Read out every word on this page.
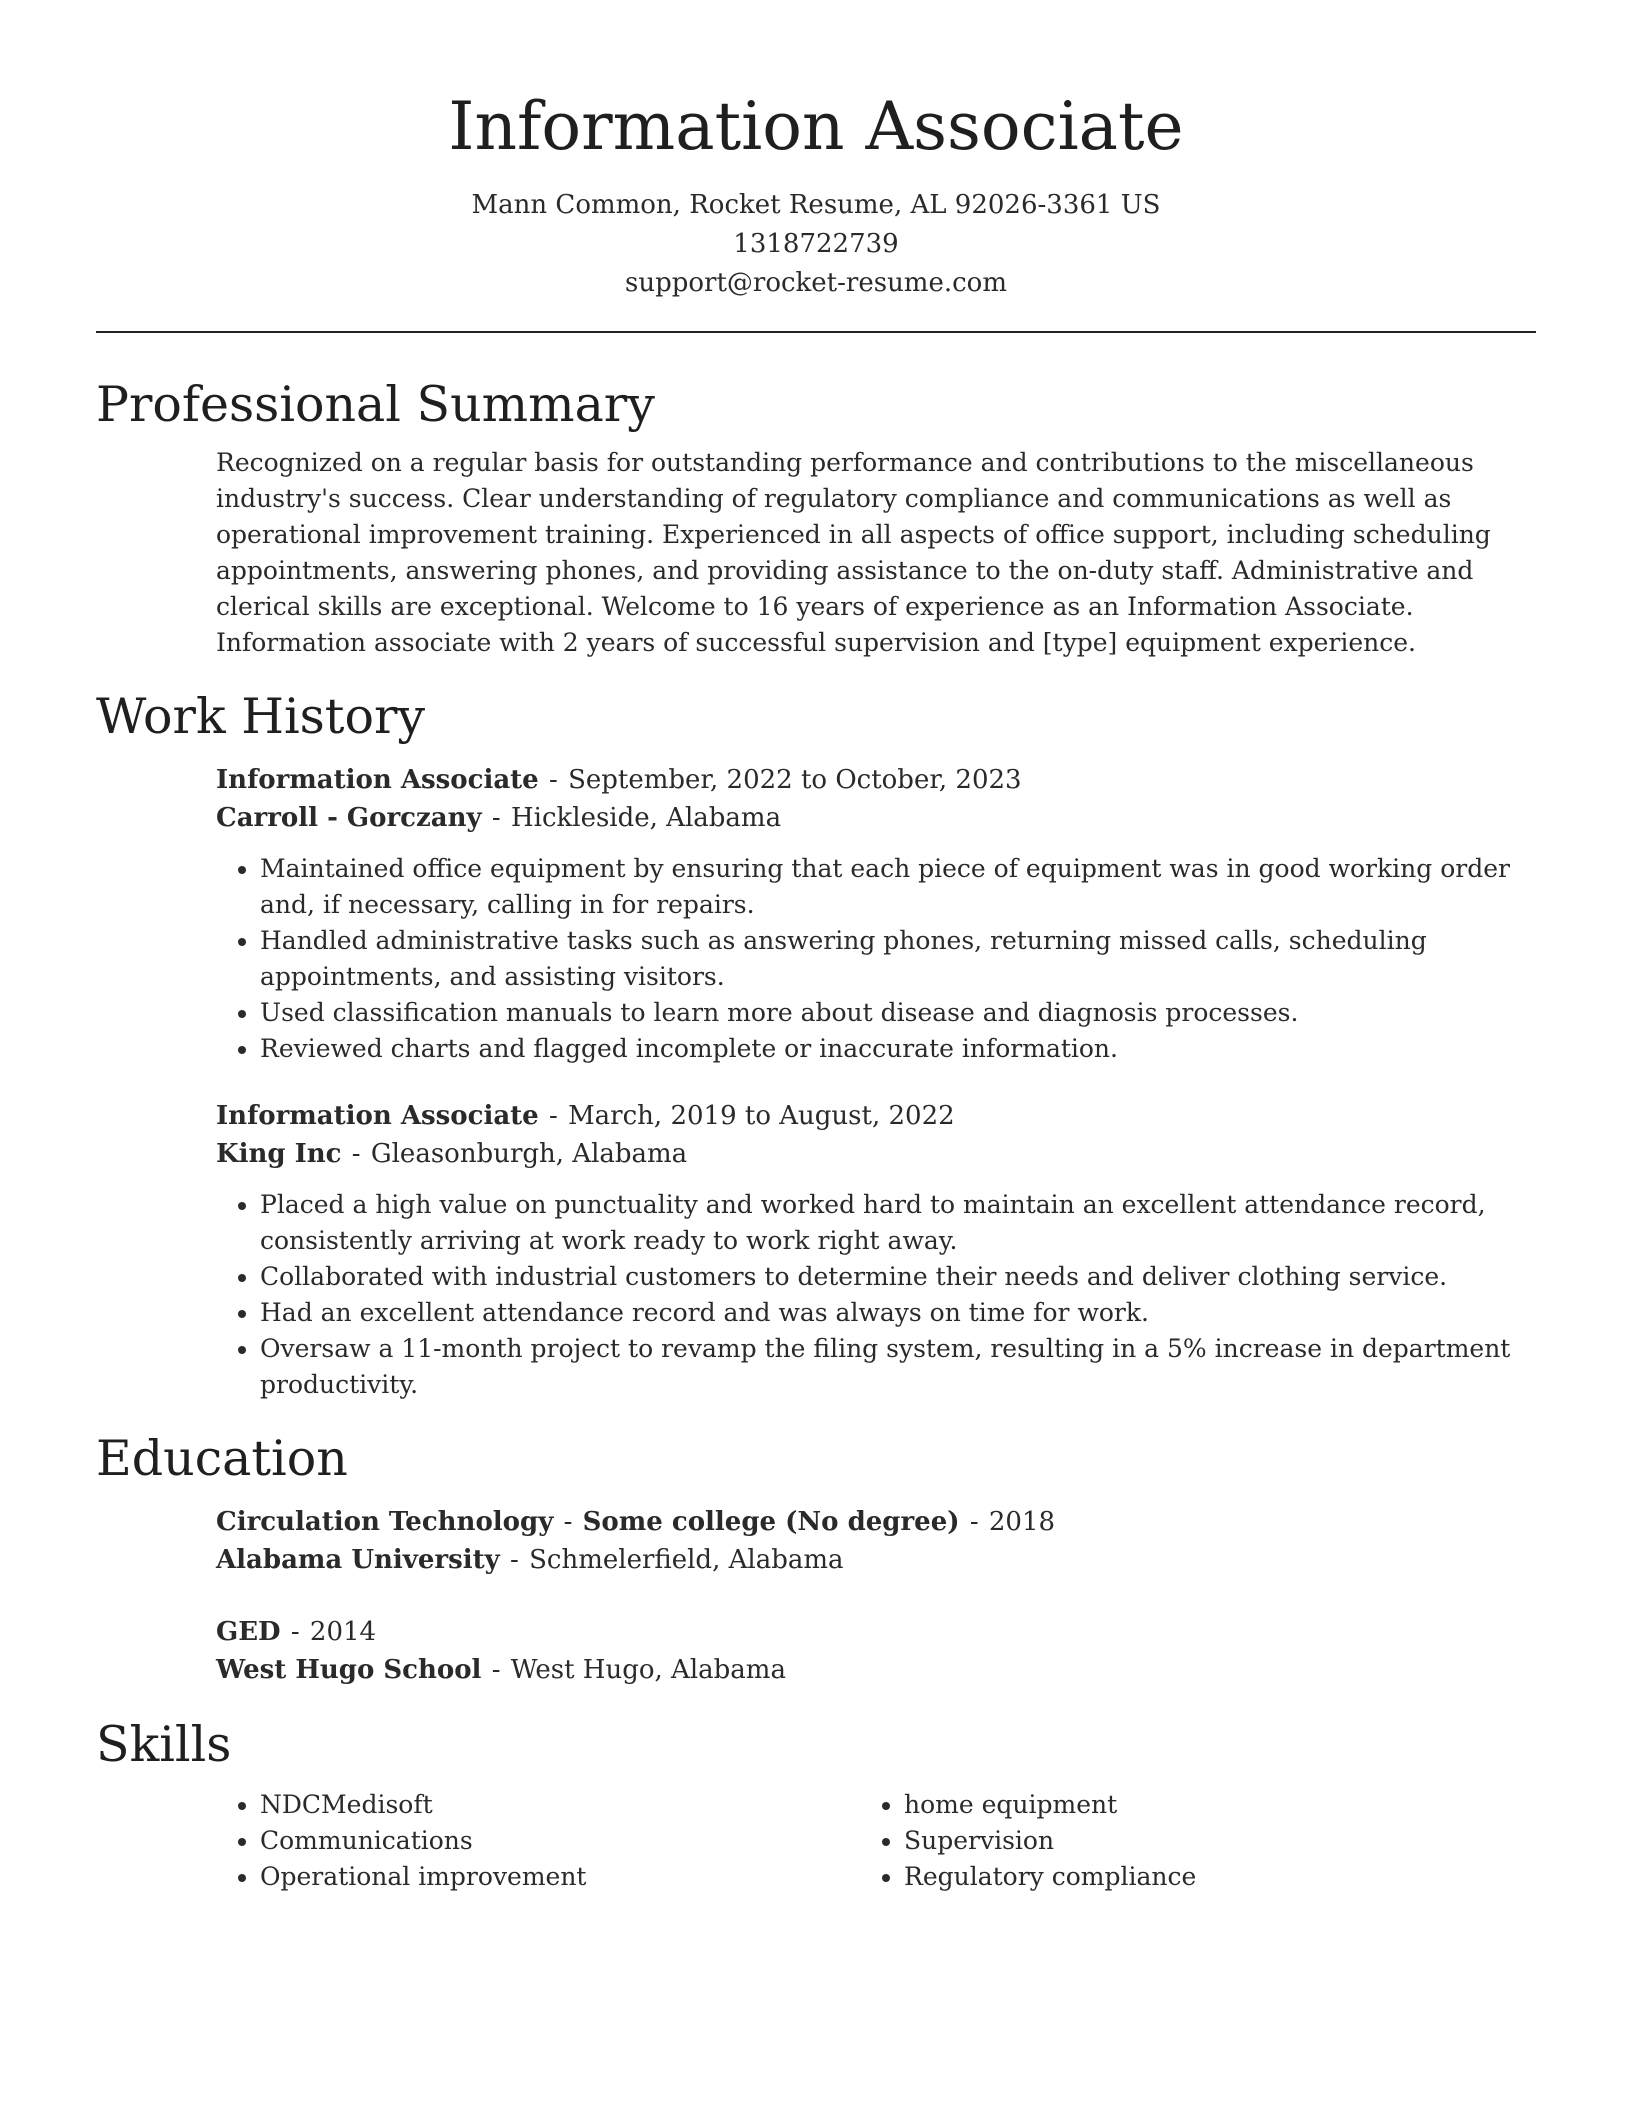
Information Associate
Mann Common, Rocket Resume, AL 92026-3361 US
1318722739
support@rocket-resume.com
Professional Summary
Recognized on a regular basis for outstanding performance and contributions to the miscellaneous industry's success. Clear understanding of regulatory compliance and communications as well as operational improvement training. Experienced in all aspects of office support, including scheduling appointments, answering phones, and providing assistance to the on-duty staff. Administrative and clerical skills are exceptional. Welcome to 16 years of experience as an Information Associate. Information associate with 2 years of successful supervision and [type] equipment experience.
Work History
Information Associate - September, 2022 to October, 2023
Carroll - Gorczany - Hickleside, Alabama
• Maintained office equipment by ensuring that each piece of equipment was in good working order and, if necessary, calling in for repairs.
• Handled administrative tasks such as answering phones, returning missed calls, scheduling appointments, and assisting visitors.
• Used classification manuals to learn more about disease and diagnosis processes.
• Reviewed charts and flagged incomplete or inaccurate information.
Information Associate - March, 2019 to August, 2022
King Inc - Gleasonburgh, Alabama
• Placed a high value on punctuality and worked hard to maintain an excellent attendance record, consistently arriving at work ready to work right away.
• Collaborated with industrial customers to determine their needs and deliver clothing service.
• Had an excellent attendance record and was always on time for work.
• Oversaw a 11-month project to revamp the filing system, resulting in a 5% increase in department productivity.
Education
Circulation Technology - Some college (No degree) - 2018
Alabama University - Schmelerfield, Alabama
GED - 2014
West Hugo School - West Hugo, Alabama
Skills
• NDCMedisoft
• Communications
• Operational improvement
• home equipment
• Supervision
• Regulatory compliance
